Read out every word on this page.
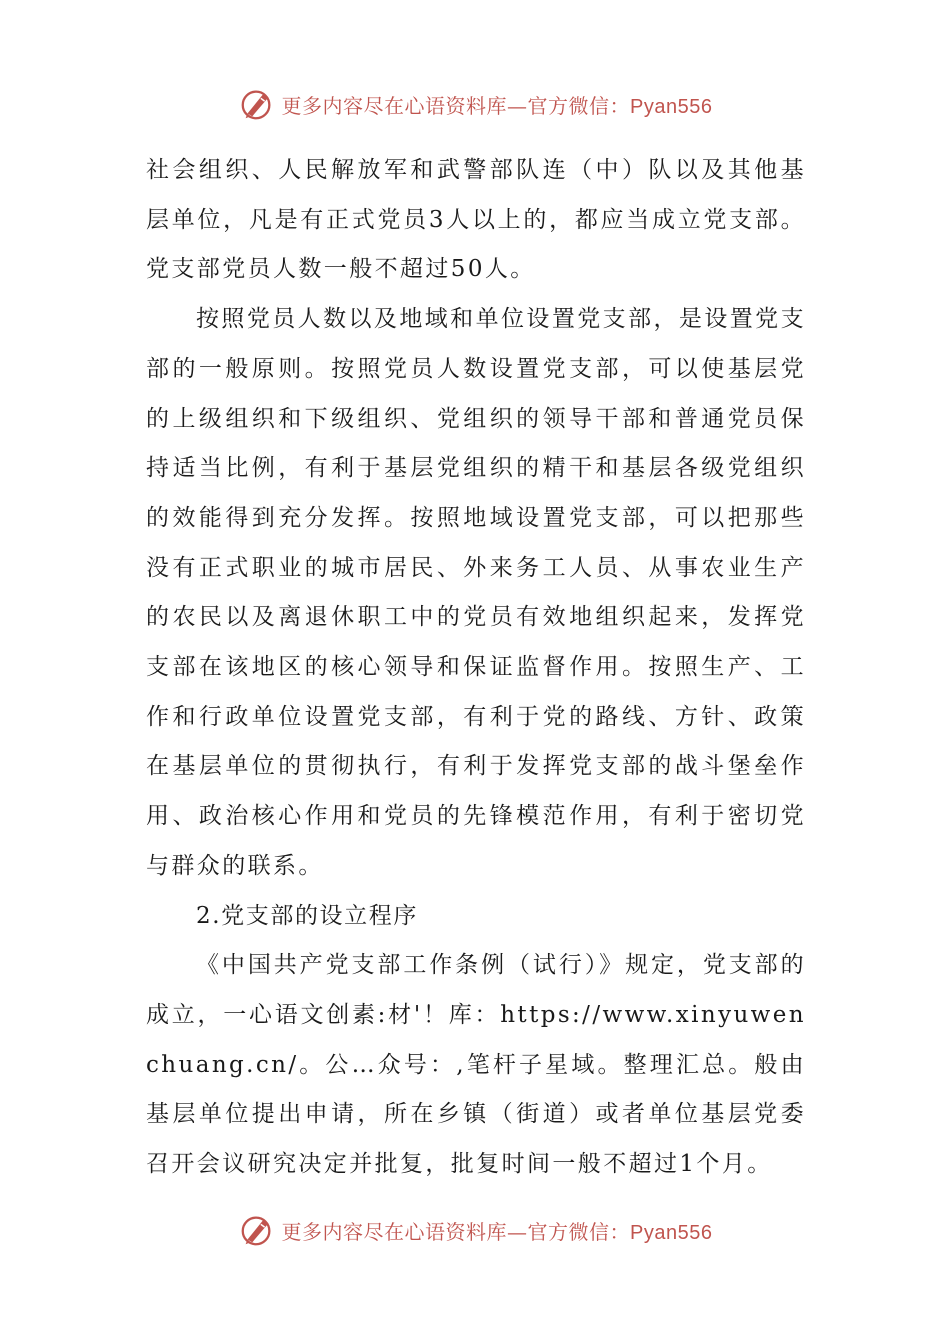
更多内容尽在心语资料库—官方微信：Pyan556

社会组织、人民解放军和武警部队连（中）队以及其他基层单位，凡是有正式党员3人以上的，都应当成立党支部。党支部党员人数一般不超过50人。

按照党员人数以及地域和单位设置党支部，是设置党支部的一般原则。按照党员人数设置党支部，可以使基层党的上级组织和下级组织、党组织的领导干部和普通党员保持适当比例，有利于基层党组织的精干和基层各级党组织的效能得到充分发挥。按照地域设置党支部，可以把那些没有正式职业的城市居民、外来务工人员、从事农业生产的农民以及离退休职工中的党员有效地组织起来，发挥党支部在该地区的核心领导和保证监督作用。按照生产、工作和行政单位设置党支部，有利于党的路线、方针、政策在基层单位的贯彻执行，有利于发挥党支部的战斗堡垒作用、政治核心作用和党员的先锋模范作用，有利于密切党与群众的联系。

2.党支部的设立程序

《中国共产党支部工作条例（试行）》规定，党支部的成立，一心语文创素:材'！库：https://www.xinyuwenchuang.cn/。公…众号：,笔杆子星域。整理汇总。般由基层单位提出申请，所在乡镇（街道）或者单位基层党委召开会议研究决定并批复，批复时间一般不超过1个月。

更多内容尽在心语资料库—官方微信：Pyan556
